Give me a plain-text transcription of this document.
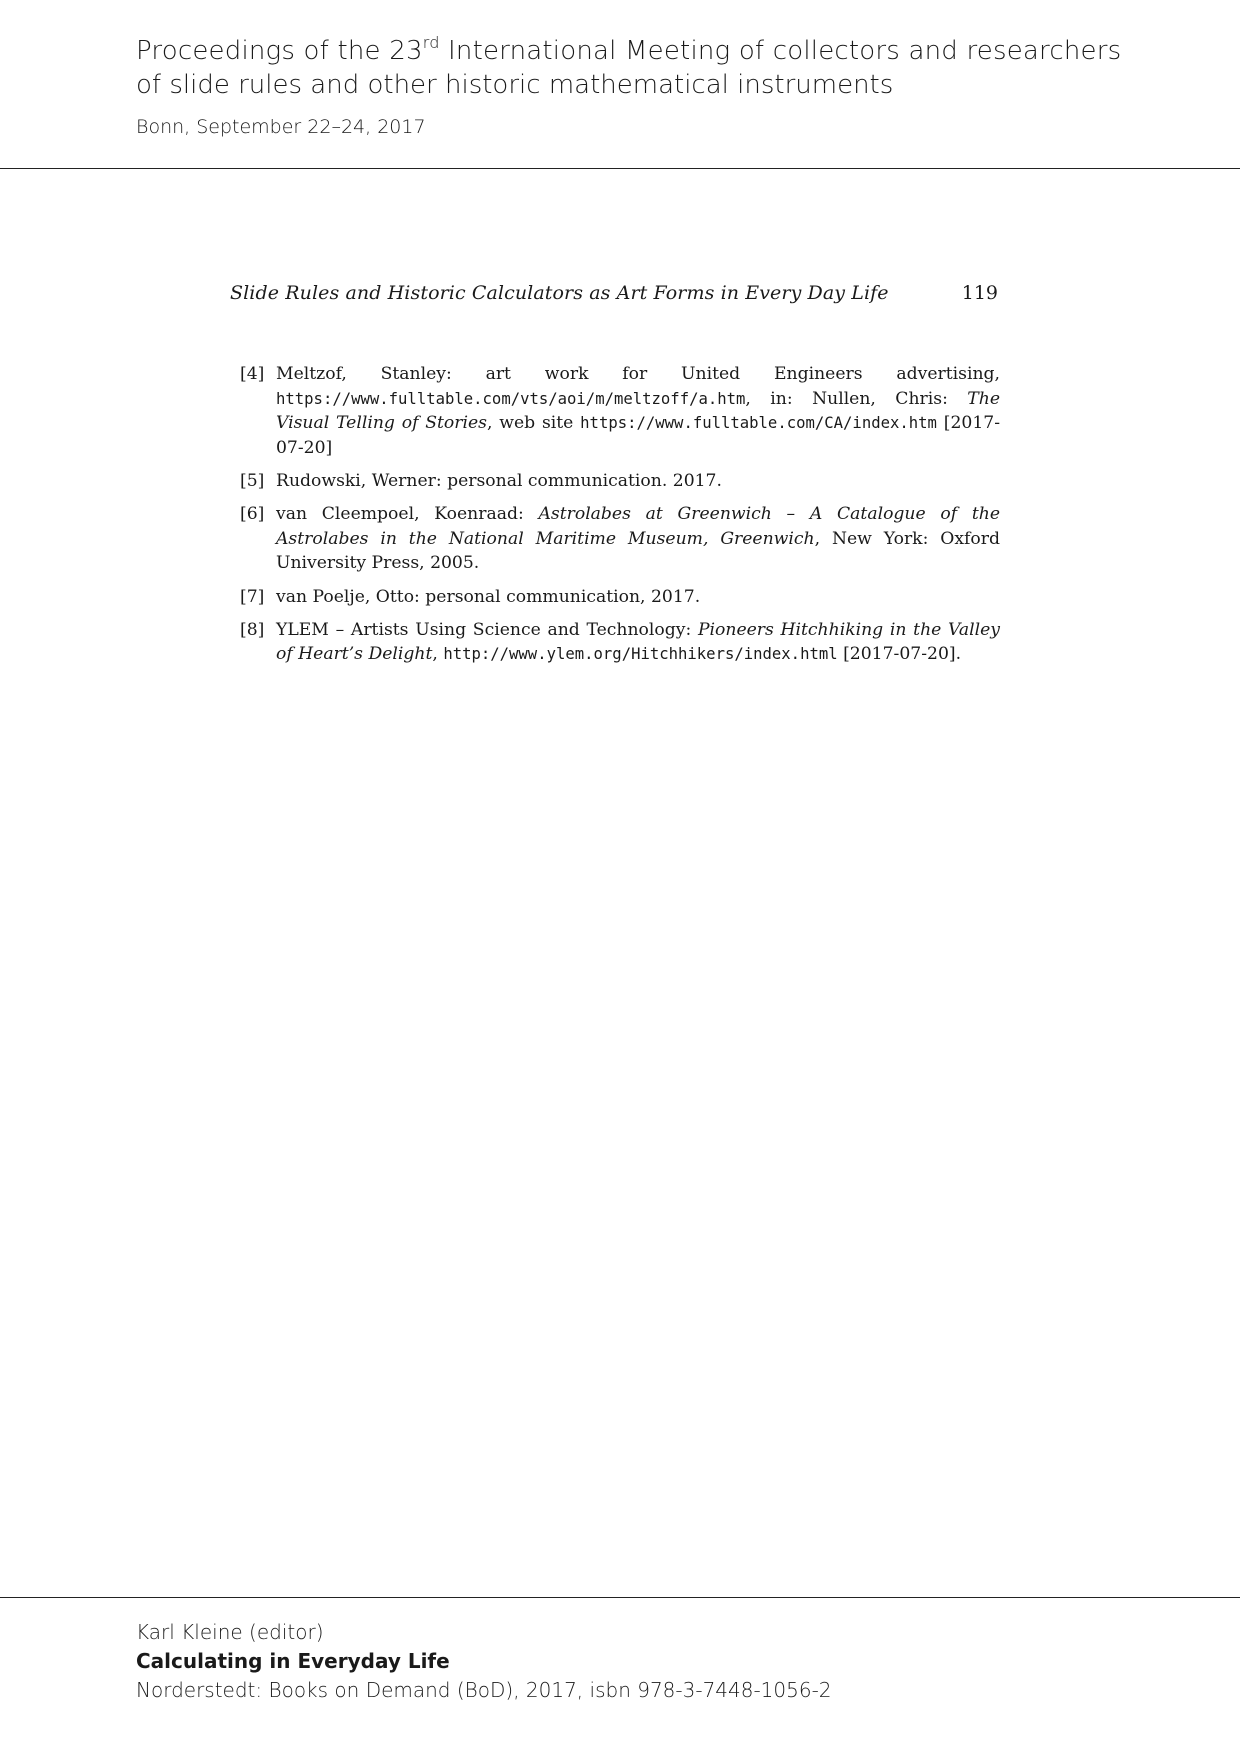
Proceedings of the 23rd International Meeting of collectors and researchers
of slide rules and other historic mathematical instruments
Bonn, September 22–24, 2017
Slide Rules and Historic Calculators as Art Forms in Every Day Life	119
[4] Meltzof, Stanley: art work for United Engineers advertising, https://www.fulltable.com/vts/aoi/m/meltzoff/a.htm, in: Nullen, Chris: The Visual Telling of Stories, web site https://www.fulltable.com/CA/index.htm [2017-07-20]
[5] Rudowski, Werner: personal communication. 2017.
[6] van Cleempoel, Koenraad: Astrolabes at Greenwich – A Catalogue of the Astrolabes in the National Maritime Museum, Greenwich, New York: Oxford University Press, 2005.
[7] van Poelje, Otto: personal communication, 2017.
[8] YLEM – Artists Using Science and Technology: Pioneers Hitchhiking in the Valley of Heart’s Delight, http://www.ylem.org/Hitchhikers/index.html [2017-07-20].
Karl Kleine (editor)
Calculating in Everyday Life
Norderstedt: Books on Demand (BoD), 2017, isbn 978-3-7448-1056-2
